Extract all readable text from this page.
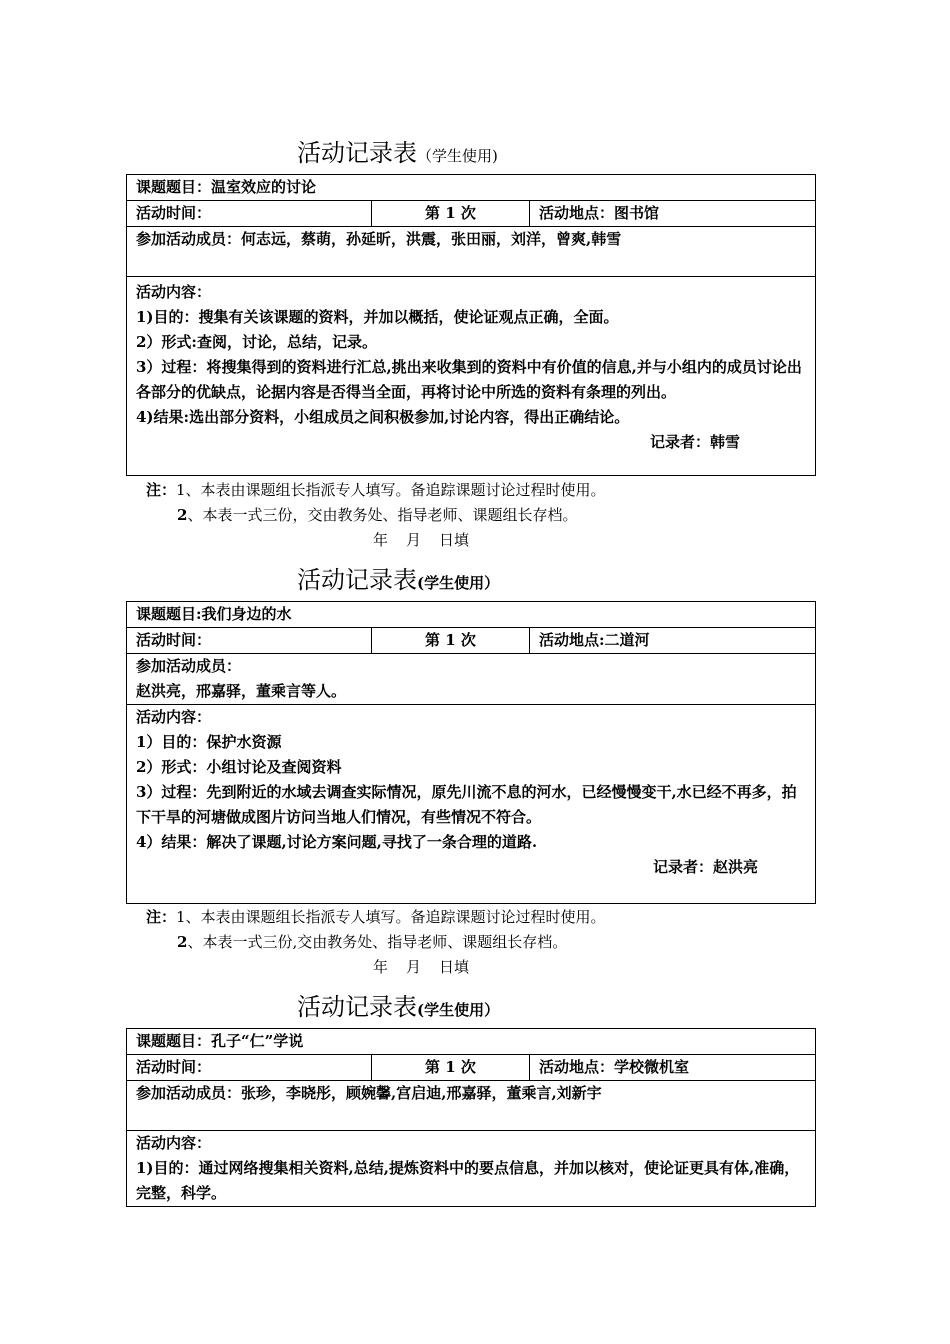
活动记录表（学生使用)
课题题目：温室效应的讨论
活动时间：	第 1 次	活动地点：图书馆

参加活动成员：何志远，蔡萌，孙延昕，洪震，张田丽，刘洋，曾爽,韩雪

活动内容：
1)目的：搜集有关该课题的资料，并加以概括，使论证观点正确，全面。
2）形式:查阅，讨论，总结，记录。
3）过程：将搜集得到的资料进行汇总,挑出来收集到的资料中有价值的信息,并与小组内的成员讨论出各部分的优缺点，论据内容是否得当全面，再将讨论中所选的资料有条理的列出。
4)结果:选出部分资料，小组成员之间积极参加,讨论内容，得出正确结论。
记录者：韩雪
注：1、本表由课题组长指派专人填写。备追踪课题讨论过程时使用。
2、本表一式三份，交由教务处、指导老师、课题组长存档。
年 月 日填
活动记录表(学生使用）
课题题目:我们身边的水
活动时间：	第 1 次	活动地点:二道河

参加活动成员：
赵洪亮，邢嘉驿，董乘言等人。

活动内容：
1）目的：保护水资源
2）形式：小组讨论及查阅资料
3）过程：先到附近的水域去调查实际情况，原先川流不息的河水，已经慢慢变干,水已经不再多，拍下干旱的河塘做成图片访问当地人们情况，有些情况不符合。
4）结果：解决了课题,讨论方案问题,寻找了一条合理的道路.
记录者：赵洪亮
注：1、本表由课题组长指派专人填写。备追踪课题讨论过程时使用。
2、本表一式三份,交由教务处、指导老师、课题组长存档。
年 月 日填
活动记录表(学生使用）
课题题目：孔子“仁”学说
活动时间：	第 1 次	活动地点：学校微机室

参加活动成员：张珍，李晓彤，顾婉馨,宫启迪,邢嘉驿，董乘言,刘新宇

活动内容：
1)目的：通过网络搜集相关资料,总结,提炼资料中的要点信息，并加以核对，使论证更具有体,准确，完整，科学。
